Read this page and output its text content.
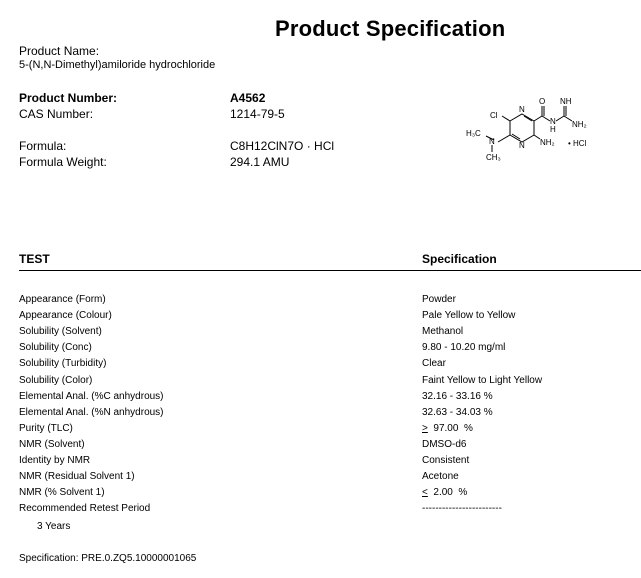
Product Specification
Product Name:
5-(N,N-Dimethyl)amiloride hydrochloride
Product Number:	A4562
CAS Number:	1214-79-5
Formula:	C8H12ClN7O · HCl
Formula Weight:	294.1 AMU
Cl
O NH
NH₂
N
H
N
N NH₂
H₃C
N
CH₃
• HCl
TEST	Specification
Appearance (Form)	Powder
Appearance (Colour)	Pale Yellow to Yellow
Solubility (Solvent)	Methanol
Solubility (Conc)	9.80 - 10.20 mg/ml
Solubility (Turbidity)	Clear
Solubility (Color)	Faint Yellow to Light Yellow
Elemental Anal. (%C anhydrous)	32.16 - 33.16 %
Elemental Anal. (%N anhydrous)	32.63 - 34.03 %
Purity (TLC)	>  97.00  %
NMR (Solvent)	DMSO-d6
Identity by NMR	Consistent
NMR (Residual Solvent 1)	Acetone
NMR (% Solvent 1)	<  2.00  %
Recommended Retest Period	------------------------
3 Years
Specification: PRE.0.ZQ5.10000001065
